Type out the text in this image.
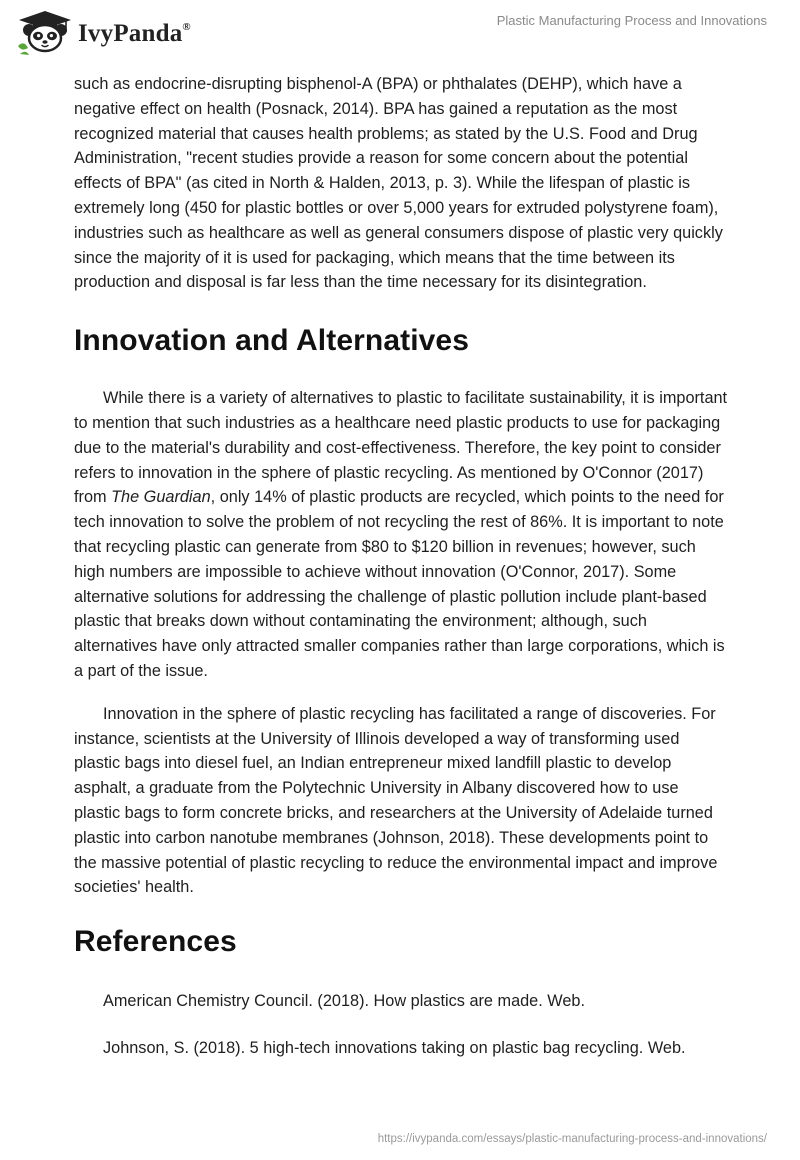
IvyPanda®	Plastic Manufacturing Process and Innovations

such as endocrine-disrupting bisphenol-A (BPA) or phthalates (DEHP), which have a negative effect on health (Posnack, 2014). BPA has gained a reputation as the most recognized material that causes health problems; as stated by the U.S. Food and Drug Administration, "recent studies provide a reason for some concern about the potential effects of BPA" (as cited in North & Halden, 2013, p. 3). While the lifespan of plastic is extremely long (450 for plastic bottles or over 5,000 years for extruded polystyrene foam), industries such as healthcare as well as general consumers dispose of plastic very quickly since the majority of it is used for packaging, which means that the time between its production and disposal is far less than the time necessary for its disintegration.

Innovation and Alternatives

While there is a variety of alternatives to plastic to facilitate sustainability, it is important to mention that such industries as a healthcare need plastic products to use for packaging due to the material's durability and cost-effectiveness. Therefore, the key point to consider refers to innovation in the sphere of plastic recycling. As mentioned by O'Connor (2017) from The Guardian, only 14% of plastic products are recycled, which points to the need for tech innovation to solve the problem of not recycling the rest of 86%. It is important to note that recycling plastic can generate from $80 to $120 billion in revenues; however, such high numbers are impossible to achieve without innovation (O'Connor, 2017). Some alternative solutions for addressing the challenge of plastic pollution include plant-based plastic that breaks down without contaminating the environment; although, such alternatives have only attracted smaller companies rather than large corporations, which is a part of the issue.

Innovation in the sphere of plastic recycling has facilitated a range of discoveries. For instance, scientists at the University of Illinois developed a way of transforming used plastic bags into diesel fuel, an Indian entrepreneur mixed landfill plastic to develop asphalt, a graduate from the Polytechnic University in Albany discovered how to use plastic bags to form concrete bricks, and researchers at the University of Adelaide turned plastic into carbon nanotube membranes (Johnson, 2018). These developments point to the massive potential of plastic recycling to reduce the environmental impact and improve societies' health.

References

American Chemistry Council. (2018). How plastics are made. Web.

Johnson, S. (2018). 5 high-tech innovations taking on plastic bag recycling. Web.

https://ivypanda.com/essays/plastic-manufacturing-process-and-innovations/
